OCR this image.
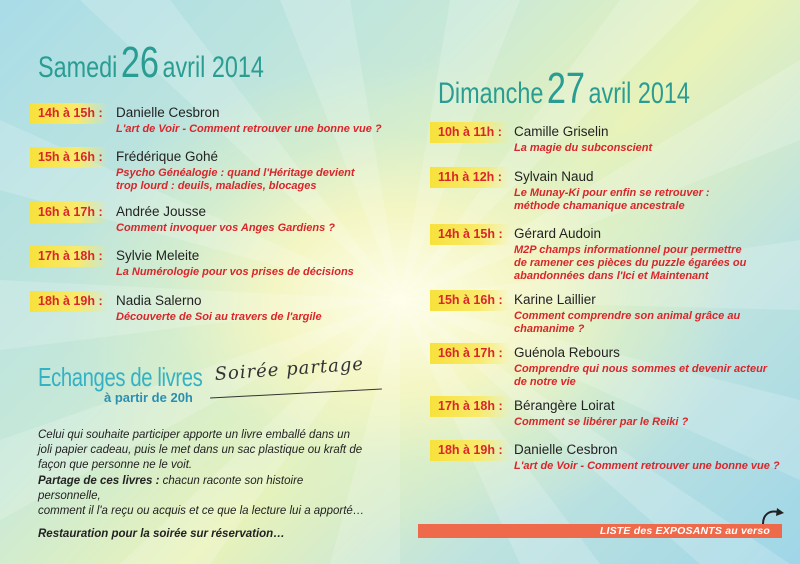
Samedi 26 avril 2014
14h à 15h : Danielle Cesbron
L'art de Voir - Comment retrouver une bonne vue ?
15h à 16h : Frédérique Gohé
Psycho Généalogie : quand l'Héritage devient
trop lourd : deuils, maladies, blocages
16h à 17h : Andrée Jousse
Comment invoquer vos Anges Gardiens ?
17h à 18h : Sylvie Meleite
La Numérologie pour vos prises de décisions
18h à 19h : Nadia Salerno
Découverte de Soi au travers de l'argile
Dimanche 27 avril 2014
10h à 11h : Camille Griselin
La magie du subconscient
11h à 12h : Sylvain Naud
Le Munay-Ki pour enfin se retrouver :
méthode chamanique ancestrale
14h à 15h : Gérard Audoin
M2P champs informationnel pour permettre
de ramener ces pièces du puzzle égarées ou
abandonnées dans l'Ici et Maintenant
15h à 16h : Karine Laillier
Comment comprendre son animal grâce au
chamanime ?
16h à 17h : Guénola Rebours
Comprendre qui nous sommes et devenir acteur
de notre vie
17h à 18h : Bérangère Loirat
Comment se libérer par le Reiki ?
18h à 19h : Danielle Cesbron
L'art de Voir - Comment retrouver une bonne vue ?
Echanges de livres
à partir de 20h
Soirée partage
Celui qui souhaite participer apporte un livre emballé dans un
joli papier cadeau, puis le met dans un sac plastique ou kraft de
façon que personne ne le voit.
Partage de ces livres : chacun raconte son histoire personnelle,
comment il l'a reçu ou acquis et ce que la lecture lui a apporté…
Restauration pour la soirée sur réservation…	LISTE des EXPOSANTS au verso
